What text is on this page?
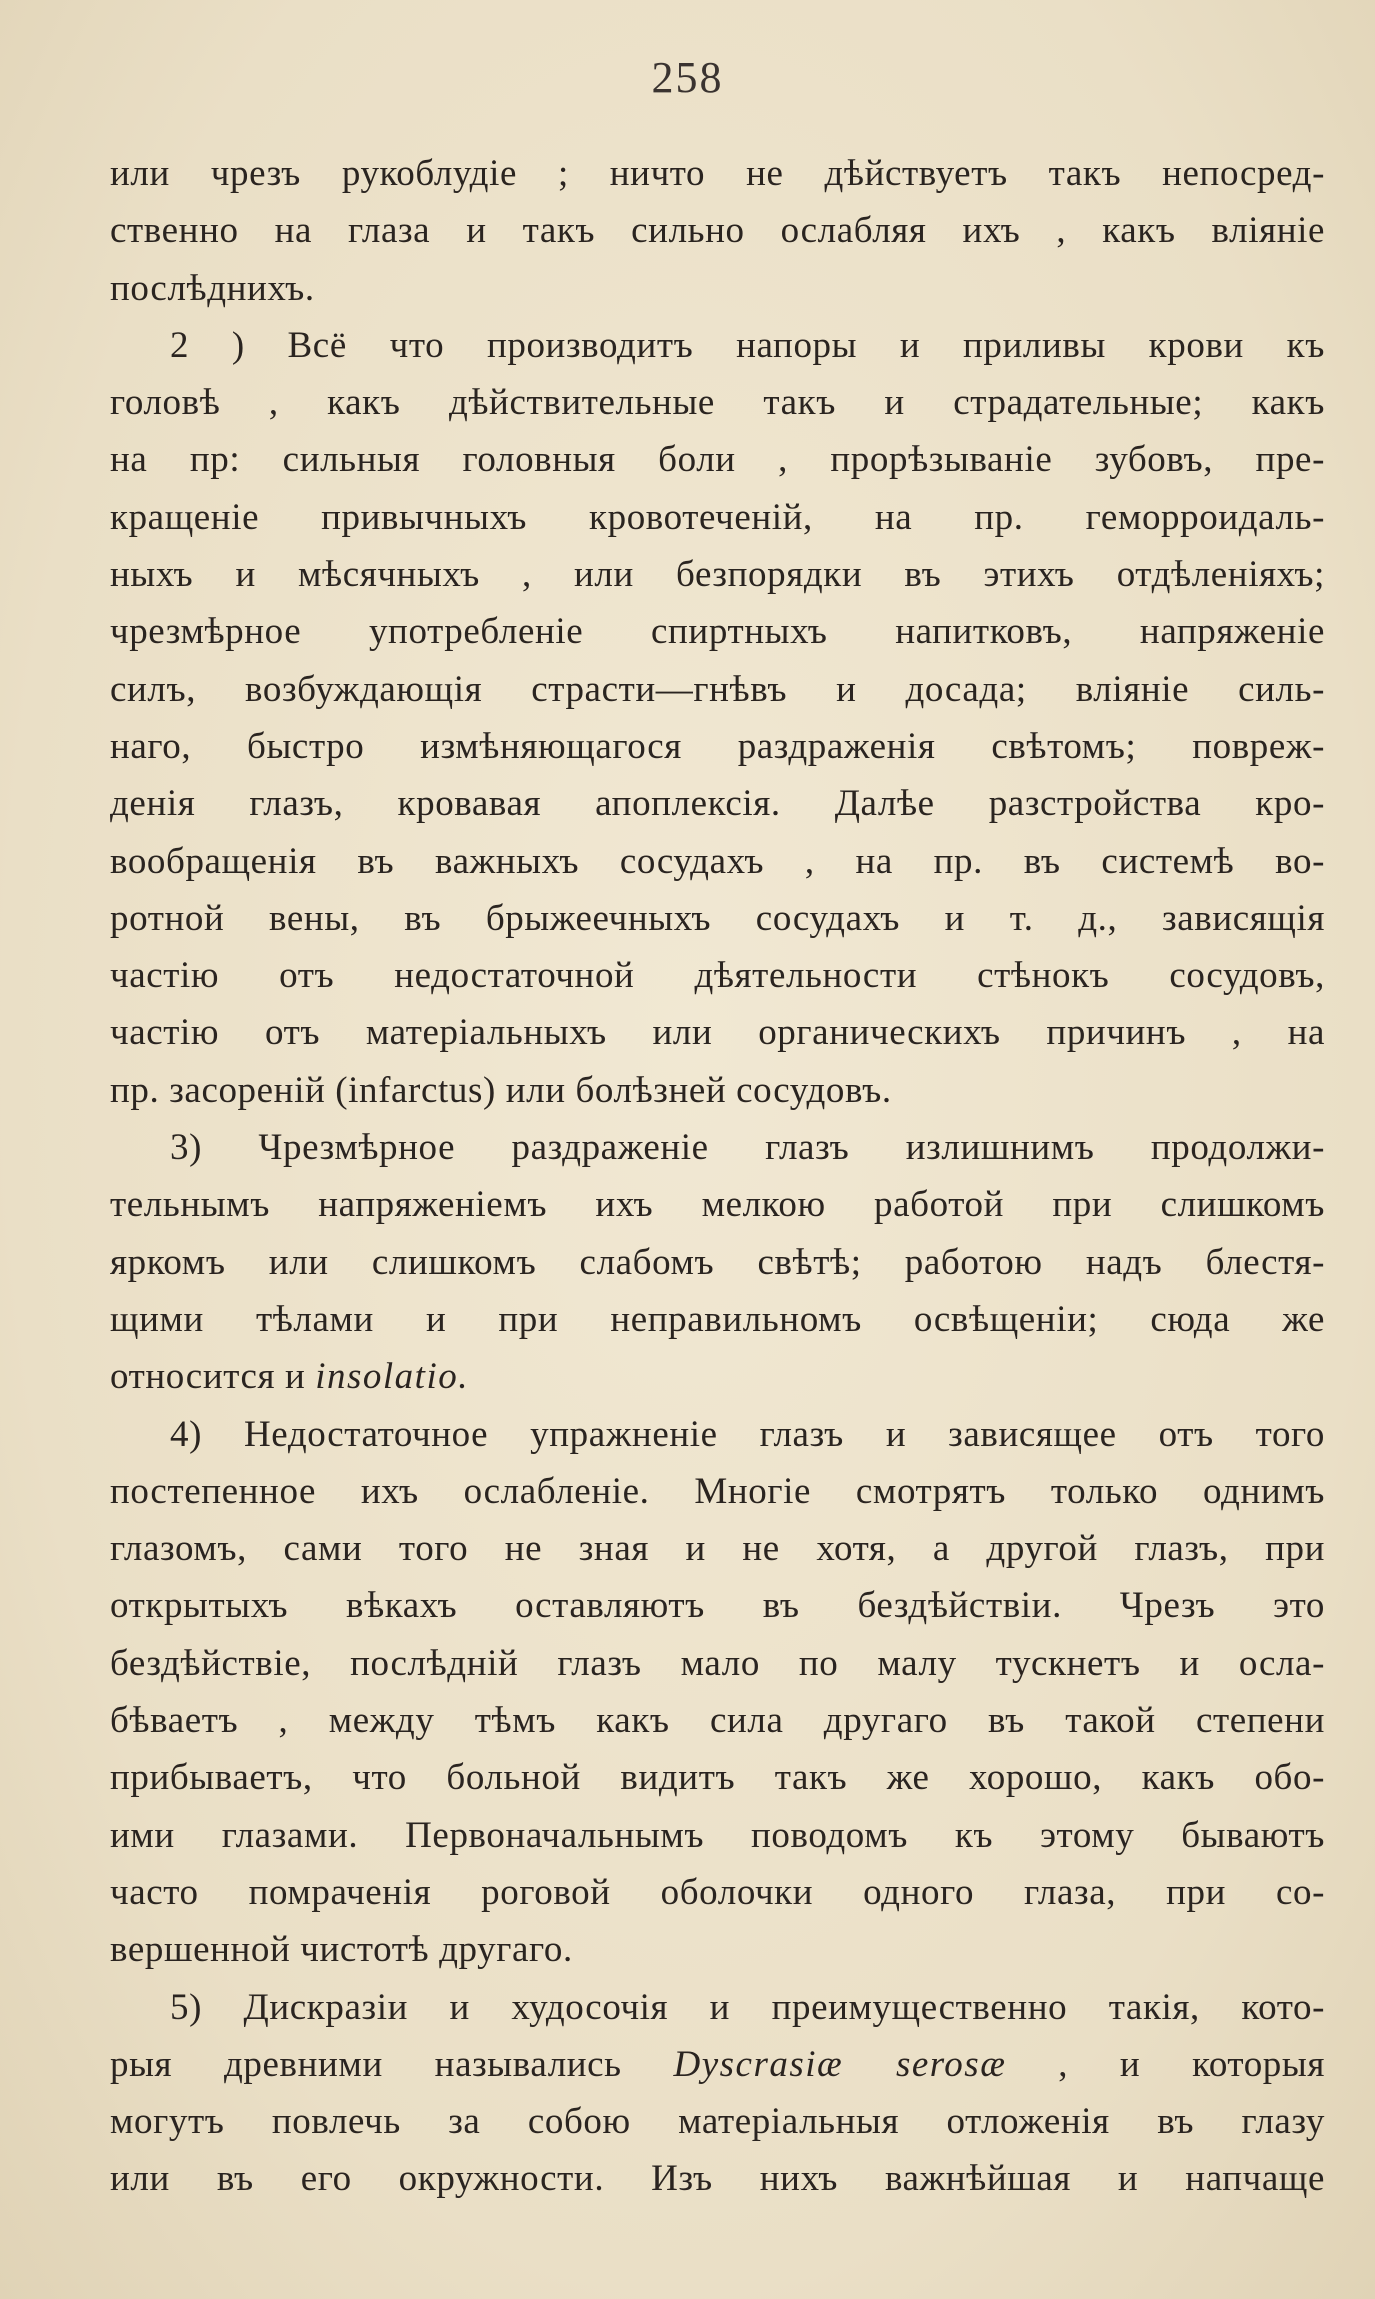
258
или чрезъ рукоблудіе ; ничто не дѣйствуетъ такъ непосред-
ственно на глаза и такъ сильно ослабляя ихъ , какъ вліяніе
послѣднихъ.
2 ) Всё что производитъ напоры и приливы крови къ
головѣ , какъ дѣйствительные такъ и страдательные; какъ
на пр: сильныя головныя боли , прорѣзываніе зубовъ, пре-
кращеніе привычныхъ кровотеченій, на пр. геморроидаль-
ныхъ и мѣсячныхъ , или безпорядки въ этихъ отдѣленіяхъ;
чрезмѣрное употребленіе спиртныхъ напитковъ, напряженіе
силъ, возбуждающія страсти—гнѣвъ и досада; вліяніе силь-
наго, быстро измѣняющагося раздраженія свѣтомъ; повреж-
денія глазъ, кровавая апоплексія. Далѣе разстройства кро-
вообращенія въ важныхъ сосудахъ , на пр. въ системѣ во-
ротной вены, въ брыжеечныхъ сосудахъ и т. д., зависящія
частію отъ недостаточной дѣятельности стѣнокъ сосудовъ,
частію отъ матеріальныхъ или органическихъ причинъ , на
пр. засореній (infarctus) или болѣзней сосудовъ.
3) Чрезмѣрное раздраженіе глазъ излишнимъ продолжи-
тельнымъ напряженіемъ ихъ мелкою работой при слишкомъ
яркомъ или слишкомъ слабомъ свѣтѣ; работою надъ блестя-
щими тѣлами и при неправильномъ освѣщеніи; сюда же
относится и insolatio.
4) Недостаточное упражненіе глазъ и зависящее отъ того
постепенное ихъ ослабленіе. Многіе смотрятъ только однимъ
глазомъ, сами того не зная и не хотя, а другой глазъ, при
открытыхъ вѣкахъ оставляютъ въ бездѣйствіи. Чрезъ это
бездѣйствіе, послѣдній глазъ мало по малу тускнетъ и осла-
бѣваетъ , между тѣмъ какъ сила другаго въ такой степени
прибываетъ, что больной видитъ такъ же хорошо, какъ обо-
ими глазами. Первоначальнымъ поводомъ къ этому бываютъ
часто помраченія роговой оболочки одного глаза, при со-
вершенной чистотѣ другаго.
5) Дискразіи и худосочія и преимущественно такія, кото-
рыя древними назывались Dyscrasiæ serosæ , и которыя
могутъ повлечь за собою матеріальныя отложенія въ глазу
или въ его окружности. Изъ нихъ важнѣйшая и напчаще
